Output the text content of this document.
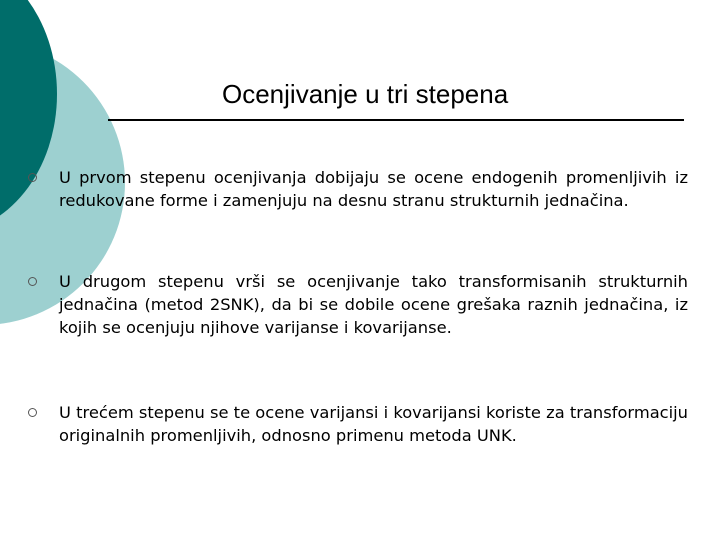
Ocenjivanje u tri stepena

U prvom stepenu ocenjivanja dobijaju se ocene endogenih promenljivih iz redukovane forme i zamenjuju na desnu stranu strukturnih jednačina.

U drugom stepenu vrši se ocenjivanje tako transformisanih strukturnih jednačina (metod 2SNK), da bi se dobile ocene grešaka raznih jednačina, iz kojih se ocenjuju njihove varijanse i kovarijanse.

U trećem stepenu se te ocene varijansi i kovarijansi koriste za transformaciju originalnih promenljivih, odnosno primenu metoda UNK.
